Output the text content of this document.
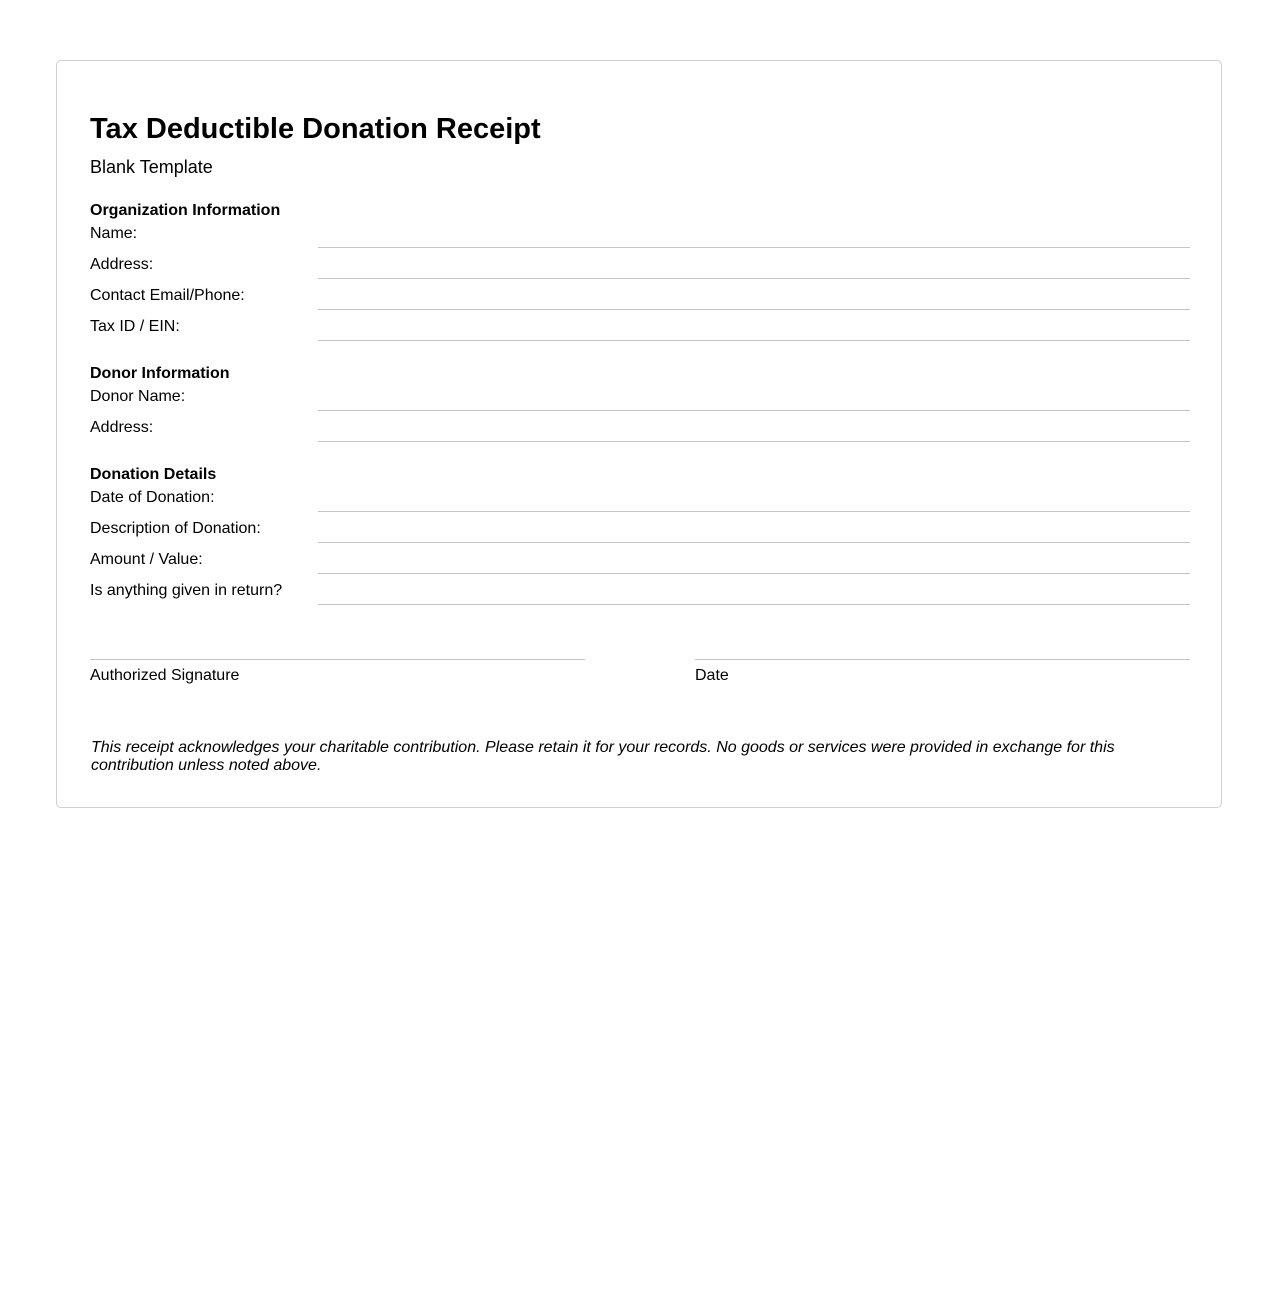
Tax Deductible Donation Receipt
Blank Template
Organization Information
Name:
Address:
Contact Email/Phone:
Tax ID / EIN:
Donor Information
Donor Name:
Address:
Donation Details
Date of Donation:
Description of Donation:
Amount / Value:
Is anything given in return?
Authorized Signature	Date
This receipt acknowledges your charitable contribution. Please retain it for your records. No goods or services were provided in exchange for this contribution unless noted above.
